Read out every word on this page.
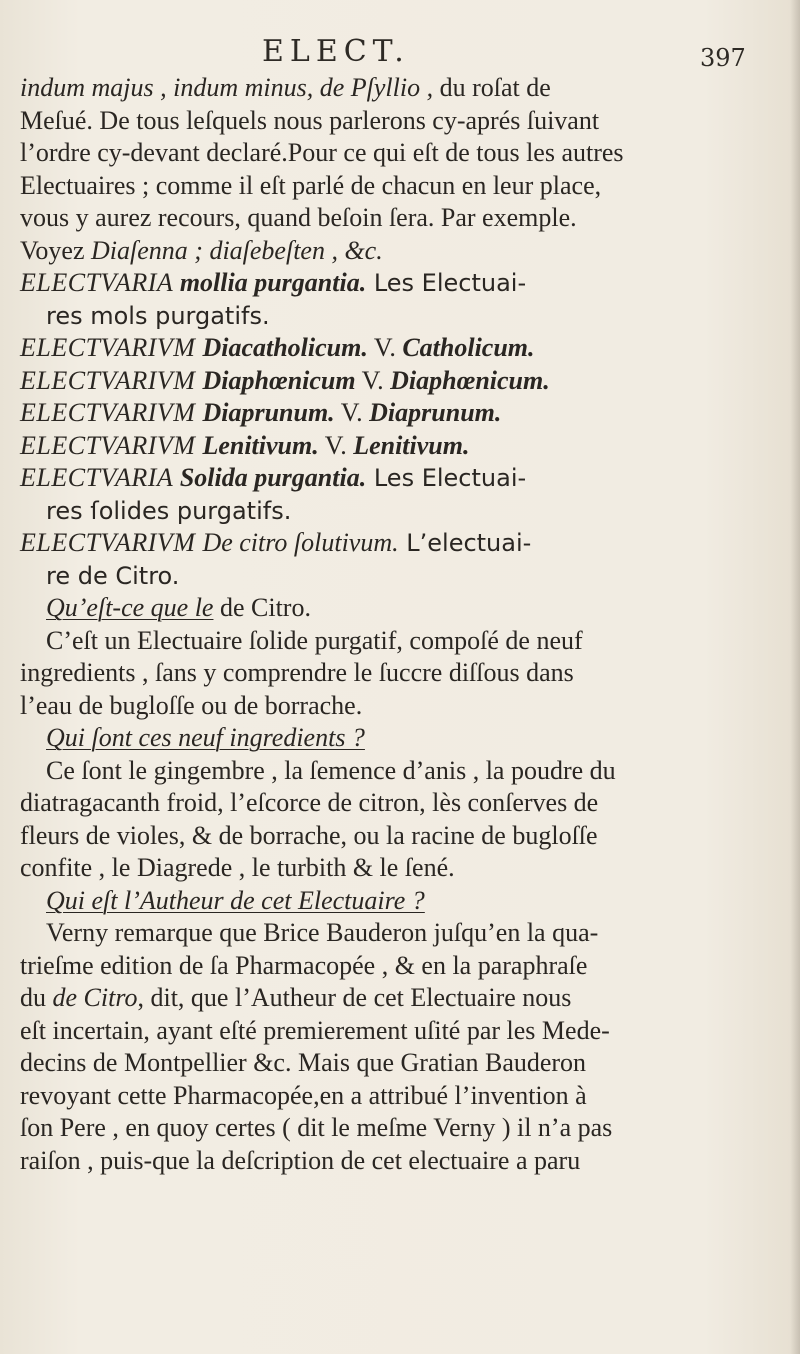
ELECT.	397
indum majus , indum minus, de Pſyllio , du roſat de
Meſué. De tous leſquels nous parlerons cy-aprés ſuivant
l’ordre cy-devant declaré.Pour ce qui eſt de tous les autres
Electuaires ; comme il eſt parlé de chacun en leur place,
vous y aurez recours, quand beſoin ſera. Par exemple.
Voyez Diaſenna ; diaſebeſten , &c.
ELECTVARIA mollia purgantia. Les Electuai-
res mols purgatifs.
ELECTVARIVM Diacatholicum. V. Catholicum.
ELECTVARIVM Diaphœnicum V. Diaphœnicum.
ELECTVARIVM Diaprunum. V. Diaprunum.
ELECTVARIVM Lenitivum. V. Lenitivum.
ELECTVARIA Solida purgantia. Les Electuai-
res ſolides purgatifs.
ELECTVARIVM De citro ſolutivum. L’electuai-
re de Citro.
Qu’eſt-ce que le de Citro.
C’eſt un Electuaire ſolide purgatif, compoſé de neuf
ingredients , ſans y comprendre le ſuccre diſſous dans
l’eau de bugloſſe ou de borrache.
Qui ſont ces neuf ingredients ?
Ce ſont le gingembre , la ſemence d’anis , la poudre du
diatragacanth froid, l’eſcorce de citron, lès conſerves de
fleurs de violes, & de borrache, ou la racine de bugloſſe
confite , le Diagrede , le turbith & le ſené.
Qui eſt l’Autheur de cet Electuaire ?
Verny remarque que Brice Bauderon juſqu’en la qua-
trieſme edition de ſa Pharmacopée , & en la paraphraſe
du de Citro, dit, que l’Autheur de cet Electuaire nous
eſt incertain, ayant eſté premierement uſité par les Mede-
decins de Montpellier &c. Mais que Gratian Bauderon
revoyant cette Pharmacopée,en a attribué l’invention à
ſon Pere , en quoy certes ( dit le meſme Verny ) il n’a pas
raiſon , puis-que la deſcription de cet electuaire a paru
